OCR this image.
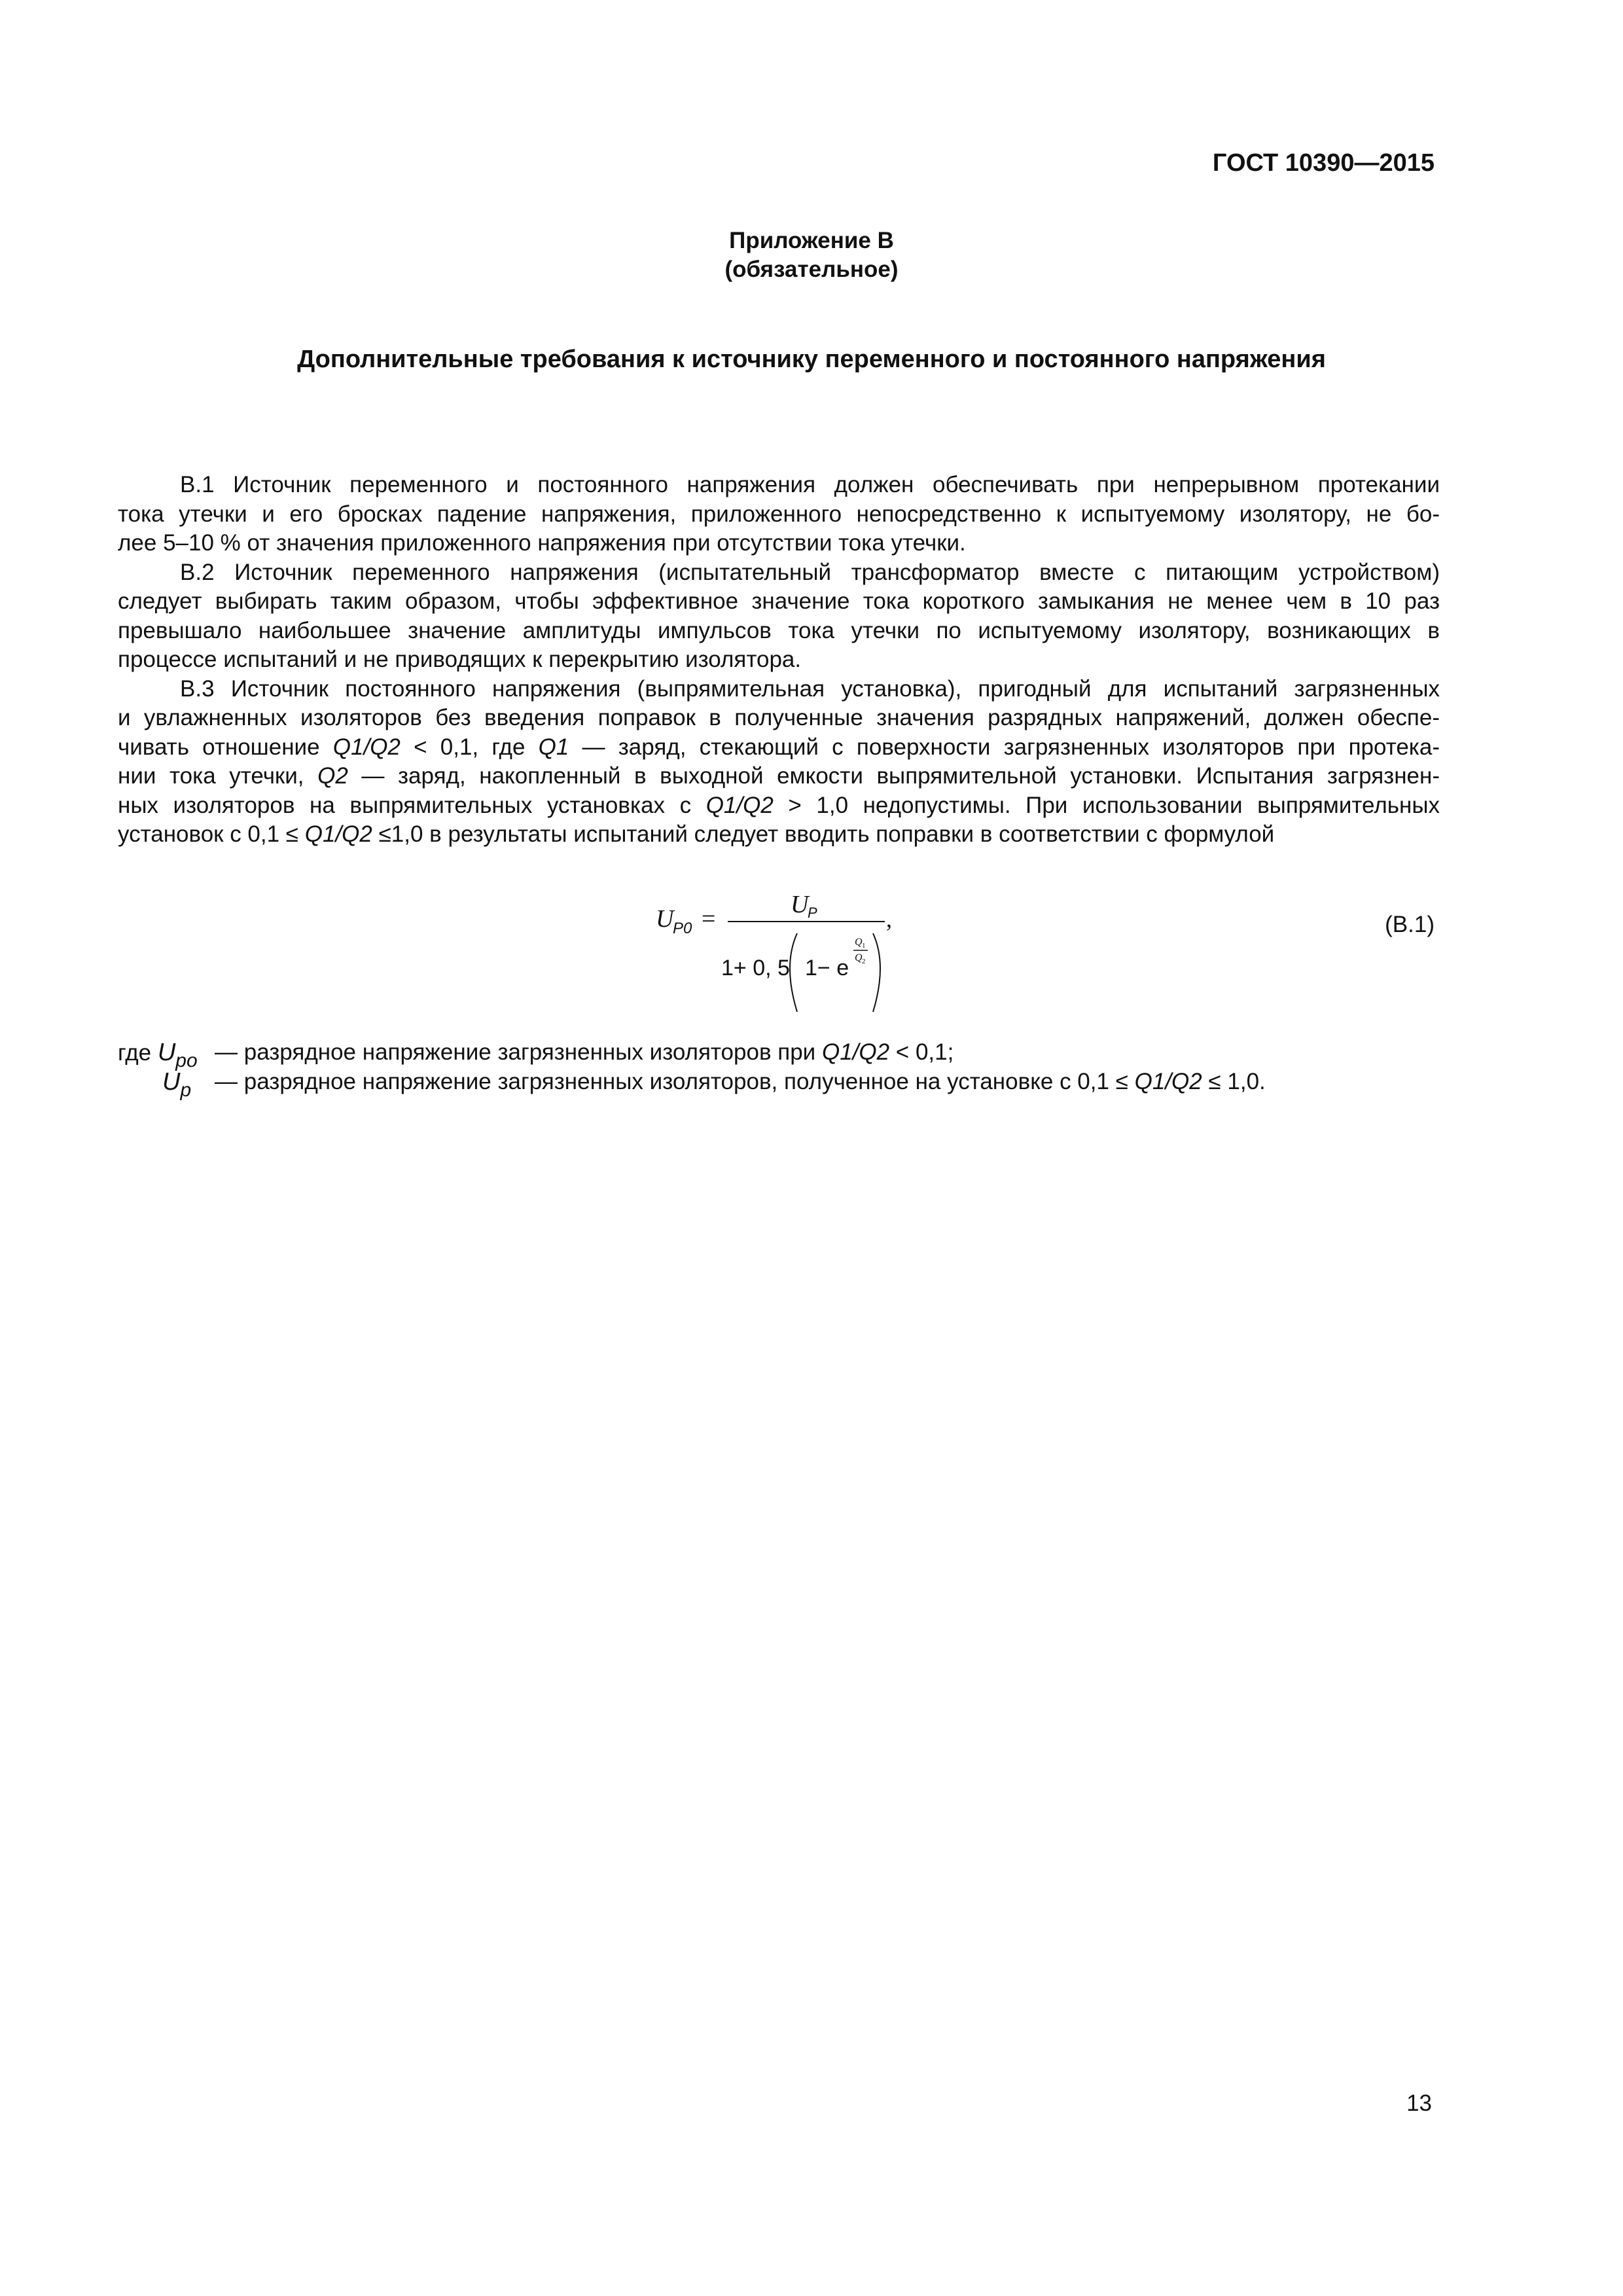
ГОСТ 10390—2015
Приложение В
(обязательное)
Дополнительные требования к источнику переменного и постоянного напряжения

В.1 Источник переменного и постоянного напряжения должен обеспечивать при непрерывном протекании
тока утечки и его бросках падение напряжения, приложенного непосредственно к испытуемому изолятору, не бо-
лее 5–10 % от значения приложенного напряжения при отсутствии тока утечки.

В.2 Источник переменного напряжения (испытательный трансформатор вместе с питающим устройством)
следует выбирать таким образом, чтобы эффективное значение тока короткого замыкания не менее чем в 10 раз
превышало наибольшее значение амплитуды импульсов тока утечки по испытуемому изолятору, возникающих в
процессе испытаний и не приводящих к перекрытию изолятора.

В.3 Источник постоянного напряжения (выпрямительная установка), пригодный для испытаний загрязненных
и увлажненных изоляторов без введения поправок в полученные значения разрядных напряжений, должен обеспе-
чивать отношение Q1/Q2 < 0,1, где Q1 — заряд, стекающий с поверхности загрязненных изоляторов при протека-
нии тока утечки, Q2 — заряд, накопленный в выходной емкости выпрямительной установки. Испытания загрязнен-
ных изоляторов на выпрямительных установках с Q1/Q2 > 1,0 недопустимы. При использовании выпрямительных
установок с 0,1 ≤ Q1/Q2 ≤1,0 в результаты испытаний следует вводить поправки в соответствии с формулой

U
P0 =
U
P
1+ 0, 5 1− e
Q 1
Q 2
,	(В.1)
где Upo — разрядное напряжение загрязненных изоляторов при Q1/Q2 < 0,1;
Up — разрядное напряжение загрязненных изоляторов, полученное на установке с 0,1 ≤ Q1/Q2 ≤ 1,0.
13
